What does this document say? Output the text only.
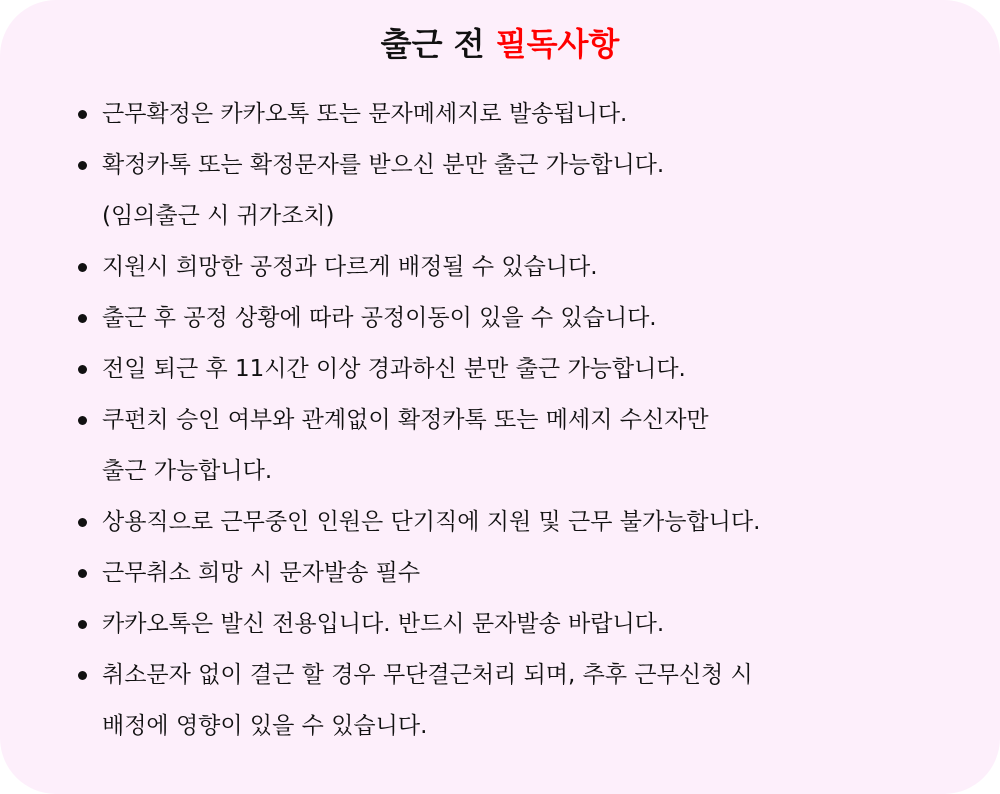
출근 전 필독사항
근무확정은 카카오톡 또는 문자메세지로 발송됩니다.
확정카톡 또는 확정문자를 받으신 분만 출근 가능합니다.
(임의출근 시 귀가조치)
지원시 희망한 공정과 다르게 배정될 수 있습니다.
출근 후 공정 상황에 따라 공정이동이 있을 수 있습니다.
전일 퇴근 후 11시간 이상 경과하신 분만 출근 가능합니다.
쿠펀치 승인 여부와 관계없이 확정카톡 또는 메세지 수신자만
출근 가능합니다.
상용직으로 근무중인 인원은 단기직에 지원 및 근무 불가능합니다.
근무취소 희망 시 문자발송 필수
카카오톡은 발신 전용입니다. 반드시 문자발송 바랍니다.
취소문자 없이 결근 할 경우 무단결근처리 되며, 추후 근무신청 시
배정에 영향이 있을 수 있습니다.
